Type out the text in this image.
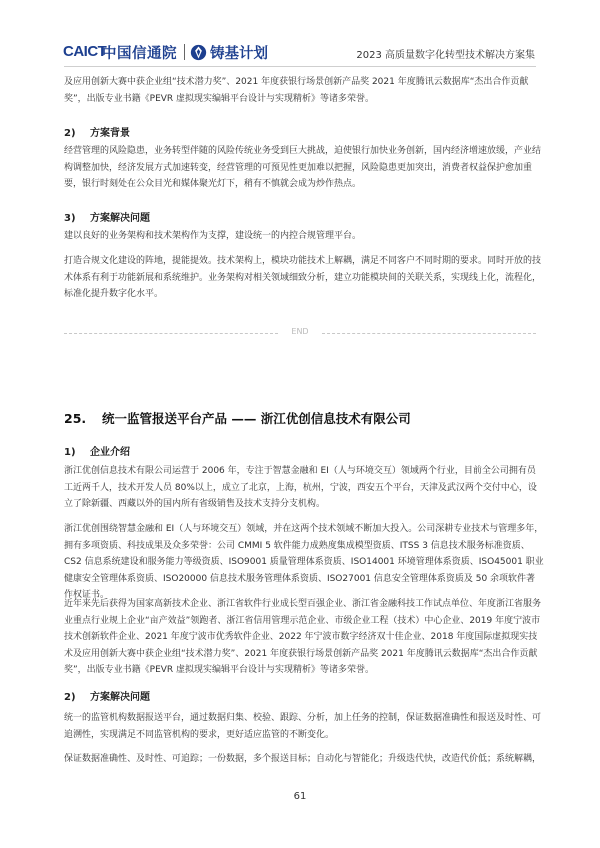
CAICT
中国信通院 铸基计划	2023 高质量数字化转型技术解决方案集

及应用创新大赛中获企业组“技术潜力奖”、2021 年度获银行场景创新产品奖 2021 年度腾讯云数据库“杰出合作贡献奖”，出版专业书籍《PEVR 虚拟现实编辑平台设计与实现精析》等诸多荣誉。

2) 方案背景

经营管理的风险隐患，业务转型伴随的风险传统业务受到巨大挑战，迫使银行加快业务创新，国内经济增速放缓，产业结构调整加快，经济发展方式加速转变，经营管理的可预见性更加难以把握，风险隐患更加突出，消费者权益保护愈加重要，银行时刻处在公众目光和媒体聚光灯下，稍有不慎就会成为炒作热点。

3) 方案解决问题

建以良好的业务架构和技术架构作为支撑，建设统一的内控合规管理平台。

打造合规文化建设的阵地，提能提效。技术架构上，模块功能技术上解耦，满足不同客户不同时期的要求。同时开放的技术体系有利于功能新展和系统维护。业务架构对相关领域细致分析，建立功能模块间的关联关系，实现线上化，流程化，标准化提升数字化水平。

END

25. 统一监管报送平台产品 —— 浙江优创信息技术有限公司

1) 企业介绍

浙江优创信息技术有限公司运营于 2006 年，专注于智慧金融和 EI（人与环境交互）领域两个行业，目前全公司拥有员工近两千人，技术开发人员 80%以上，成立了北京，上海，杭州，宁波，西安五个平台，天津及武汉两个交付中心，设立了除新疆、西藏以外的国内所有省级销售及技术支持分支机构。

浙江优创围绕智慧金融和 EI（人与环境交互）领域，并在这两个技术领域不断加大投入。公司深耕专业技术与管理多年，拥有多项资质、科技成果及众多荣誉：公司 CMMI 5 软件能力成熟度集成模型资质、ITSS 3 信息技术服务标准资质、CS2 信息系统建设和服务能力等级资质、ISO9001 质量管理体系资质、ISO14001 环境管理体系资质、ISO45001 职业健康安全管理体系资质、ISO20000 信息技术服务管理体系资质、ISO27001 信息安全管理体系资质及 50 余项软件著作权证书。

近年来先后获得为国家高新技术企业、浙江省软件行业成长型百强企业、浙江省金融科技工作试点单位、年度浙江省服务业重点行业规上企业“亩产效益”领跑者、浙江省信用管理示范企业、市级企业工程（技术）中心企业、2019 年度宁波市技术创新软件企业、2021 年度宁波市优秀软件企业、2022 年宁波市数字经济双十佳企业、2018 年度国际虚拟现实技术及应用创新大赛中获企业组“技术潜力奖”、2021 年度获银行场景创新产品奖 2021 年度腾讯云数据库“杰出合作贡献奖”，出版专业书籍《PEVR 虚拟现实编辑平台设计与实现精析》等诸多荣誉。

2) 方案解决问题

统一的监管机构数据报送平台，通过数据归集、校验、跟踪、分析，加上任务的控制，保证数据准确性和报送及时性、可追溯性，实现满足不同监管机构的要求，更好适应监管的不断变化。

保证数据准确性、及时性、可追踪；一份数据，多个报送目标；自动化与智能化；升级迭代快，改造代价低；系统解耦，

61
